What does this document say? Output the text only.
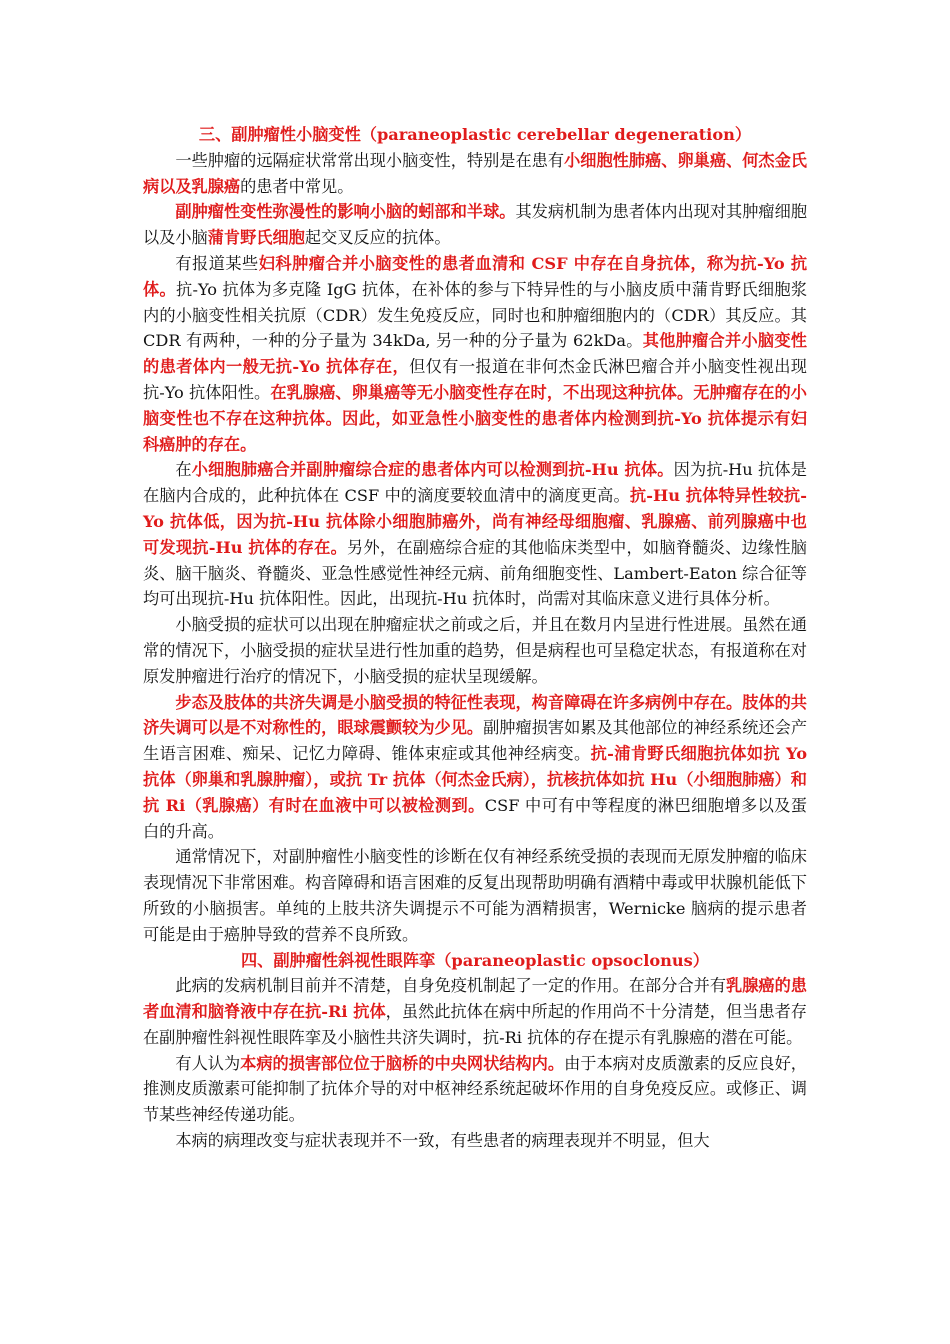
三、副肿瘤性小脑变性（paraneoplastic cerebellar degeneration）

一些肿瘤的远隔症状常常出现小脑变性，特别是在患有小细胞性肺癌、卵巢癌、何杰金氏病以及乳腺癌的患者中常见。

副肿瘤性变性弥漫性的影响小脑的蚓部和半球。其发病机制为患者体内出现对其肿瘤细胞以及小脑蒲肯野氏细胞起交叉反应的抗体。

有报道某些妇科肿瘤合并小脑变性的患者血清和 CSF 中存在自身抗体，称为抗-Yo 抗体。抗-Yo 抗体为多克隆 IgG 抗体，在补体的参与下特异性的与小脑皮质中蒲肯野氏细胞浆内的小脑变性相关抗原（CDR）发生免疫反应，同时也和肿瘤细胞内的（CDR）其反应。其 CDR 有两种，一种的分子量为 34kDa, 另一种的分子量为 62kDa。其他肿瘤合并小脑变性的患者体内一般无抗-Yo 抗体存在，但仅有一报道在非何杰金氏淋巴瘤合并小脑变性视出现抗-Yo 抗体阳性。在乳腺癌、卵巢癌等无小脑变性存在时，不出现这种抗体。无肿瘤存在的小脑变性也不存在这种抗体。因此，如亚急性小脑变性的患者体内检测到抗-Yo 抗体提示有妇科癌肿的存在。

在小细胞肺癌合并副肿瘤综合症的患者体内可以检测到抗-Hu 抗体。因为抗-Hu 抗体是在脑内合成的，此种抗体在 CSF 中的滴度要较血清中的滴度更高。抗-Hu 抗体特异性较抗-Yo 抗体低，因为抗-Hu 抗体除小细胞肺癌外，尚有神经母细胞瘤、乳腺癌、前列腺癌中也可发现抗-Hu 抗体的存在。另外，在副癌综合症的其他临床类型中，如脑脊髓炎、边缘性脑炎、脑干脑炎、脊髓炎、亚急性感觉性神经元病、前角细胞变性、Lambert-Eaton 综合征等均可出现抗-Hu 抗体阳性。因此，出现抗-Hu 抗体时，尚需对其临床意义进行具体分析。

小脑受损的症状可以出现在肿瘤症状之前或之后，并且在数月内呈进行性进展。虽然在通常的情况下，小脑受损的症状呈进行性加重的趋势，但是病程也可呈稳定状态，有报道称在对原发肿瘤进行治疗的情况下，小脑受损的症状呈现缓解。

步态及肢体的共济失调是小脑受损的特征性表现，构音障碍在许多病例中存在。肢体的共济失调可以是不对称性的，眼球震颤较为少见。副肿瘤损害如累及其他部位的神经系统还会产生语言困难、痴呆、记忆力障碍、锥体束症或其他神经病变。抗-浦肯野氏细胞抗体如抗 Yo 抗体（卵巢和乳腺肿瘤），或抗 Tr 抗体（何杰金氏病），抗核抗体如抗 Hu（小细胞肺癌）和抗 Ri（乳腺癌）有时在血液中可以被检测到。CSF 中可有中等程度的淋巴细胞增多以及蛋白的升高。

通常情况下，对副肿瘤性小脑变性的诊断在仅有神经系统受损的表现而无原发肿瘤的临床表现情况下非常困难。构音障碍和语言困难的反复出现帮助明确有酒精中毒或甲状腺机能低下所致的小脑损害。单纯的上肢共济失调提示不可能为酒精损害，Wernicke 脑病的提示患者可能是由于癌肿导致的营养不良所致。

四、副肿瘤性斜视性眼阵挛（paraneoplastic opsoclonus）

此病的发病机制目前并不清楚，自身免疫机制起了一定的作用。在部分合并有乳腺癌的患者血清和脑脊液中存在抗-Ri 抗体，虽然此抗体在病中所起的作用尚不十分清楚，但当患者存在副肿瘤性斜视性眼阵挛及小脑性共济失调时，抗-Ri 抗体的存在提示有乳腺癌的潜在可能。

有人认为本病的损害部位位于脑桥的中央网状结构内。由于本病对皮质激素的反应良好，推测皮质激素可能抑制了抗体介导的对中枢神经系统起破坏作用的自身免疫反应。或修正、调节某些神经传递功能。

本病的病理改变与症状表现并不一致，有些患者的病理表现并不明显，但大
